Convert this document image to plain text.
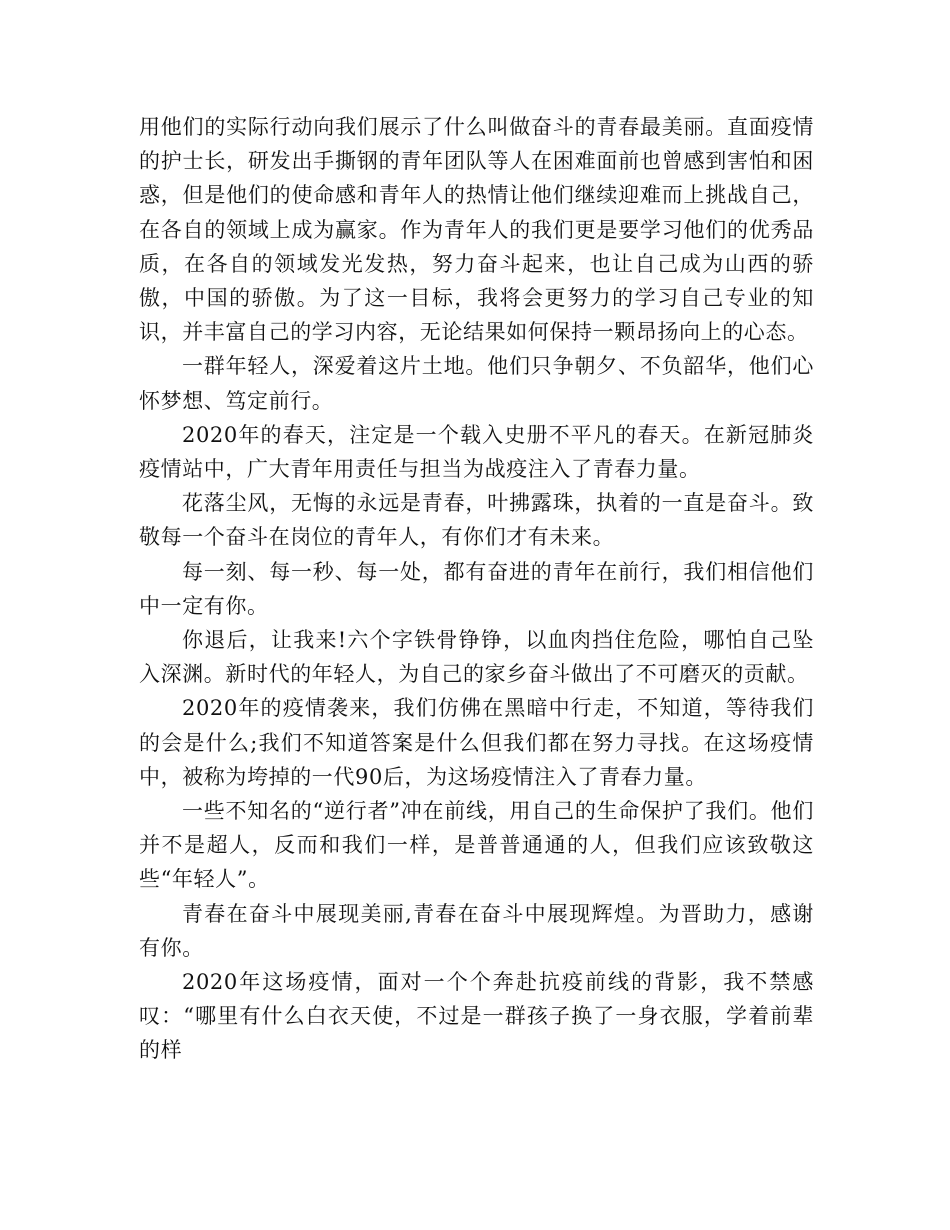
用他们的实际行动向我们展示了什么叫做奋斗的青春最美丽。直面疫情的护士长，研发出手撕钢的青年团队等人在困难面前也曾感到害怕和困惑，但是他们的使命感和青年人的热情让他们继续迎难而上挑战自己，在各自的领域上成为赢家。作为青年人的我们更是要学习他们的优秀品质，在各自的领域发光发热，努力奋斗起来，也让自己成为山西的骄傲，中国的骄傲。为了这一目标，我将会更努力的学习自己专业的知识，并丰富自己的学习内容，无论结果如何保持一颗昂扬向上的心态。

一群年轻人，深爱着这片土地。他们只争朝夕、不负韶华，他们心怀梦想、笃定前行。

2020年的春天，注定是一个载入史册不平凡的春天。在新冠肺炎疫情站中，广大青年用责任与担当为战疫注入了青春力量。

花落尘风，无悔的永远是青春，叶拂露珠，执着的一直是奋斗。致敬每一个奋斗在岗位的青年人，有你们才有未来。

每一刻、每一秒、每一处，都有奋进的青年在前行，我们相信他们中一定有你。

你退后，让我来!六个字铁骨铮铮，以血肉挡住危险，哪怕自己坠入深渊。新时代的年轻人，为自己的家乡奋斗做出了不可磨灭的贡献。

2020年的疫情袭来，我们仿佛在黑暗中行走，不知道，等待我们的会是什么;我们不知道答案是什么但我们都在努力寻找。在这场疫情中，被称为垮掉的一代90后，为这场疫情注入了青春力量。

一些不知名的“逆行者”冲在前线，用自己的生命保护了我们。他们并不是超人，反而和我们一样，是普普通通的人，但我们应该致敬这些“年轻人”。

青春在奋斗中展现美丽,青春在奋斗中展现辉煌。为晋助力，感谢有你。

2020年这场疫情，面对一个个奔赴抗疫前线的背影，我不禁感叹：“哪里有什么白衣天使，不过是一群孩子换了一身衣服，学着前辈的样
